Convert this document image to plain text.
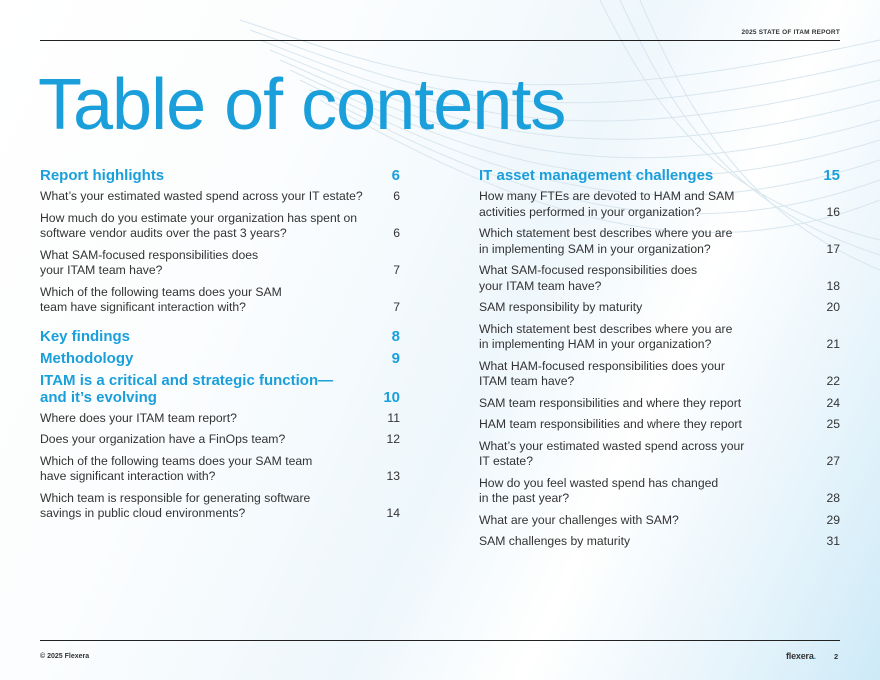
2025 STATE OF ITAM REPORT
Table of contents
Report highlights	6
What’s your estimated wasted spend across your IT estate?	6
How much do you estimate your organization has spent on
software vendor audits over the past 3 years?	6
What SAM-focused responsibilities does
your ITAM team have?	7
Which of the following teams does your SAM
team have significant interaction with?	7
Key findings	8
Methodology	9
ITAM is a critical and strategic function—
and it’s evolving	10
Where does your ITAM team report?	11
Does your organization have a FinOps team?	12
Which of the following teams does your SAM team
have significant interaction with?	13
Which team is responsible for generating software
savings in public cloud environments?	14
IT asset management challenges	15
How many FTEs are devoted to HAM and SAM
activities performed in your organization?	16
Which statement best describes where you are
in implementing SAM in your organization?	17
What SAM-focused responsibilities does
your ITAM team have?	18
SAM responsibility by maturity	20
Which statement best describes where you are
in implementing HAM in your organization?	21
What HAM-focused responsibilities does your
ITAM team have?	22
SAM team responsibilities and where they report	24
HAM team responsibilities and where they report	25
What’s your estimated wasted spend across your
IT estate?	27
How do you feel wasted spend has changed
in the past year?	28
What are your challenges with SAM?	29
SAM challenges by maturity	31
© 2025 Flexera	flexera. 2
